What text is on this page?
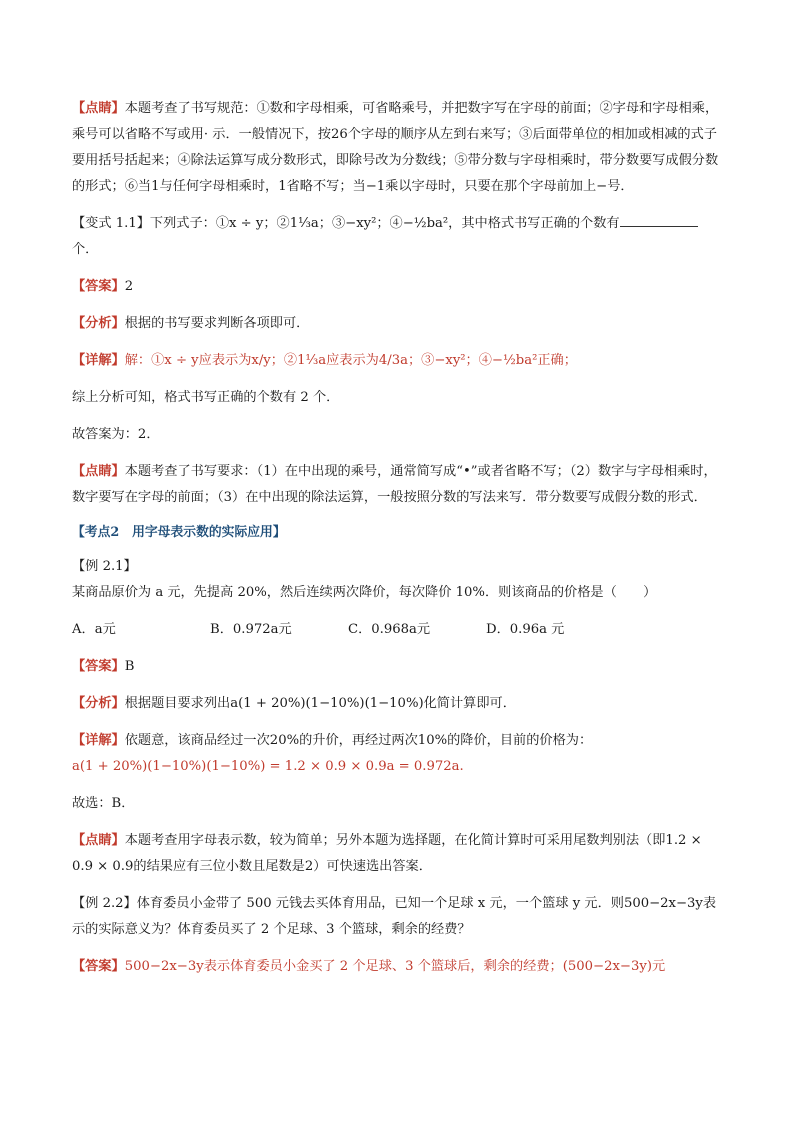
【点睛】本题考查了书写规范：①数和字母相乘，可省略乘号，并把数字写在字母的前面；②字母和字母相乘，乘号可以省略不写或用· 示．一般情况下，按26个字母的顺序从左到右来写；③后面带单位的相加或相减的式子要用括号括起来；④除法运算写成分数形式，即除号改为分数线；⑤带分数与字母相乘时，带分数要写成假分数的形式；⑥当1与任何字母相乘时，1省略不写；当−1乘以字母时，只要在那个字母前加上−号．

【变式 1.1】下列式子：①x ÷ y；②1⅓a；③−xy²；④−½ba²，其中格式书写正确的个数有
个．

【答案】2

【分析】根据的书写要求判断各项即可．

【详解】解：①x ÷ y应表示为x/y；②1⅓a应表示为4/3a；③−xy²；④−½ba²正确；

综上分析可知，格式书写正确的个数有 2 个．

故答案为：2．

【点睛】本题考查了书写要求：（1）在中出现的乘号，通常简写成“•”或者省略不写；（2）数字与字母相乘时，数字要写在字母的前面；（3）在中出现的除法运算，一般按照分数的写法来写．带分数要写成假分数的形式．

【考点2　用字母表示数的实际应用】

【例 2.1】某商品原价为 a 元，先提高 20%，然后连续两次降价，每次降价 10%．则该商品的价格是（　　）

A．a元	B．0.972a元	C．0.968a元	D．0.96a 元

【答案】B

【分析】根据题目要求列出a(1 + 20%)(1−10%)(1−10%)化简计算即可．

【详解】依题意，该商品经过一次20%的升价，再经过两次10%的降价，目前的价格为：
a(1 + 20%)(1−10%)(1−10%) = 1.2 × 0.9 × 0.9a = 0.972a.

故选：B．

【点睛】本题考查用字母表示数，较为简单；另外本题为选择题，在化简计算时可采用尾数判别法（即1.2 × 0.9 × 0.9的结果应有三位小数且尾数是2）可快速选出答案．

【例 2.2】体育委员小金带了 500 元钱去买体育用品，已知一个足球 x 元，一个篮球 y 元．则500−2x−3y表示的实际意义为？体育委员买了 2 个足球、3 个篮球，剩余的经费？

【答案】500−2x−3y表示体育委员小金买了 2 个足球、3 个篮球后，剩余的经费；(500−2x−3y)元
